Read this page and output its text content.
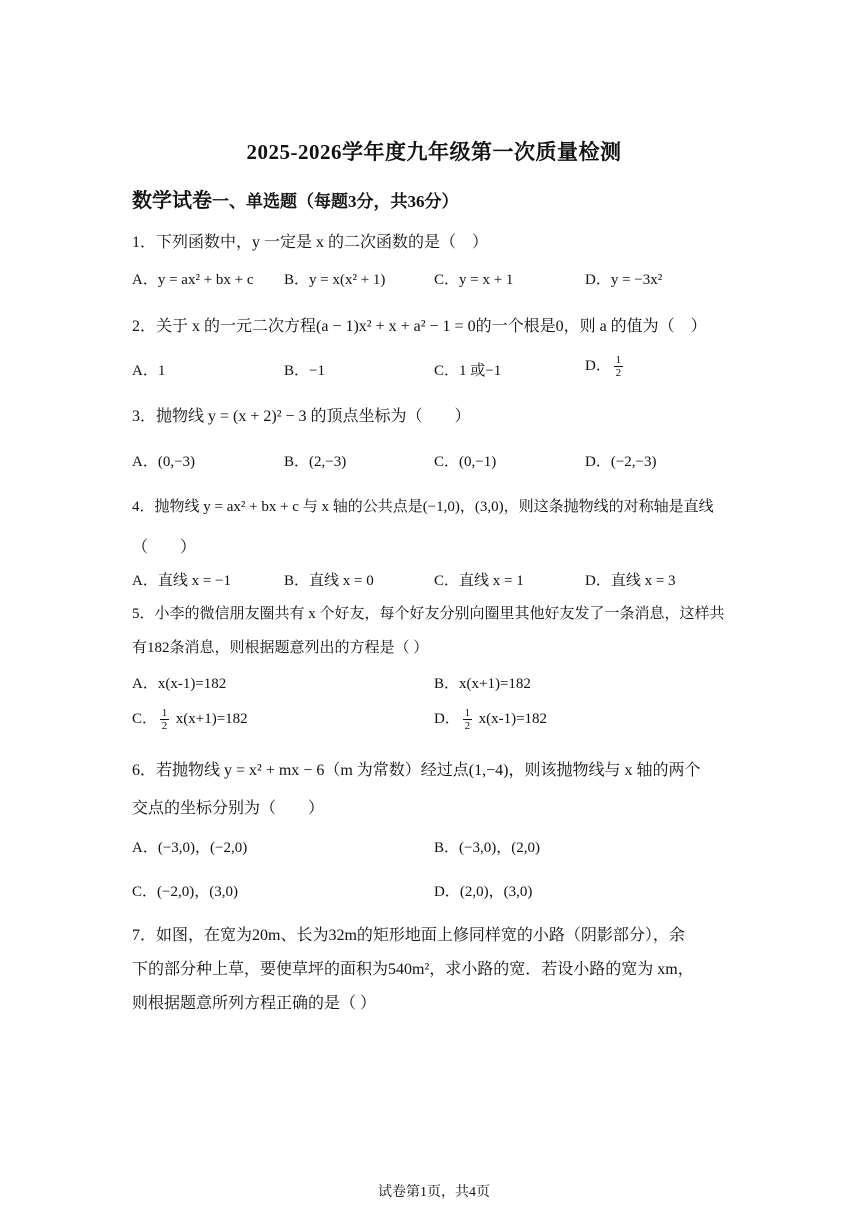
2025-2026学年度九年级第一次质量检测
数学试卷一、单选题（每题3分，共36分）
1．下列函数中，y 一定是 x 的二次函数的是（　）
A．y = ax² + bx + c B．y = x(x² + 1)	C．y = x + 1	D．y = −3x²
2．关于 x 的一元二次方程(a − 1)x² + x + a² − 1 = 0的一个根是0，则 a 的值为（　）
A．1	B．−1	C．1 或−1	D． $\frac{1}{2}$
3．抛物线 y = (x + 2)² − 3 的顶点坐标为（　　）
A．(0,−3)	B．(2,−3)	C．(0,−1)	D．(−2,−3)
4．抛物线 y = ax² + bx + c 与 x 轴的公共点是(−1,0)，(3,0)，则这条抛物线的对称轴是直线
（　　）
A．直线 x = −1	B．直线 x = 0	C．直线 x = 1	D．直线 x = 3
5．小李的微信朋友圈共有 x 个好友，每个好友分别向圈里其他好友发了一条消息，这样共
有182条消息，则根据题意列出的方程是（ ）
A．x(x-1)=182	B．x(x+1)=182
C． $\frac{1}{2} x(x+1)=182$	D． $\frac{1}{2} x(x-1)=182$
6．若抛物线 y = x² + mx − 6（m 为常数）经过点(1,−4)，则该抛物线与 x 轴的两个
交点的坐标分别为（　　）
A．(−3,0)，(−2,0)	B．(−3,0)，(2,0)
C．(−2,0)，(3,0)	D．(2,0)，(3,0)
7．如图，在宽为20m、长为32m的矩形地面上修同样宽的小路（阴影部分），余
下的部分种上草，要使草坪的面积为540m²，求小路的宽．若设小路的宽为 xm，
则根据题意所列方程正确的是（ ）
试卷第1页，共4页
